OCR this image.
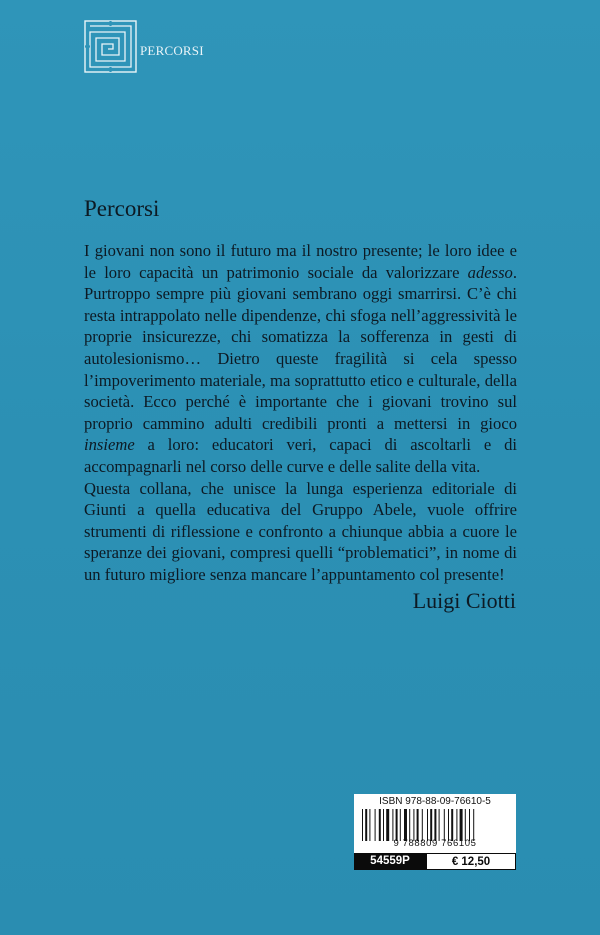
PERCORSI
Percorsi

I giovani non sono il futuro ma il nostro presente; le loro idee e le loro capacità un patrimonio sociale da valorizzare adesso. Purtroppo sempre più giovani sembrano oggi smarrirsi. C’è chi resta intrappolato nelle dipendenze, chi sfoga nell’aggressività le proprie insicurezze, chi somatizza la sofferenza in gesti di autolesionismo… Dietro queste fragilità si cela spesso l’impoverimento materiale, ma soprattutto etico e culturale, della società. Ecco perché è importante che i giovani trovino sul proprio cammino adulti credibili pronti a mettersi in gioco insieme a loro: educatori veri, capaci di ascoltarli e di accompagnarli nel corso delle curve e delle salite della vita.

Questa collana, che unisce la lunga esperienza editoriale di Giunti a quella educativa del Gruppo Abele, vuole offrire strumenti di riflessione e confronto a chiunque abbia a cuore le speranze dei giovani, compresi quelli “problematici”, in nome di un futuro migliore senza mancare l’appuntamento col presente!

Luigi Ciotti
ISBN 978-88-09-76610-5
9 788809 766105
54559P	€ 12,50
